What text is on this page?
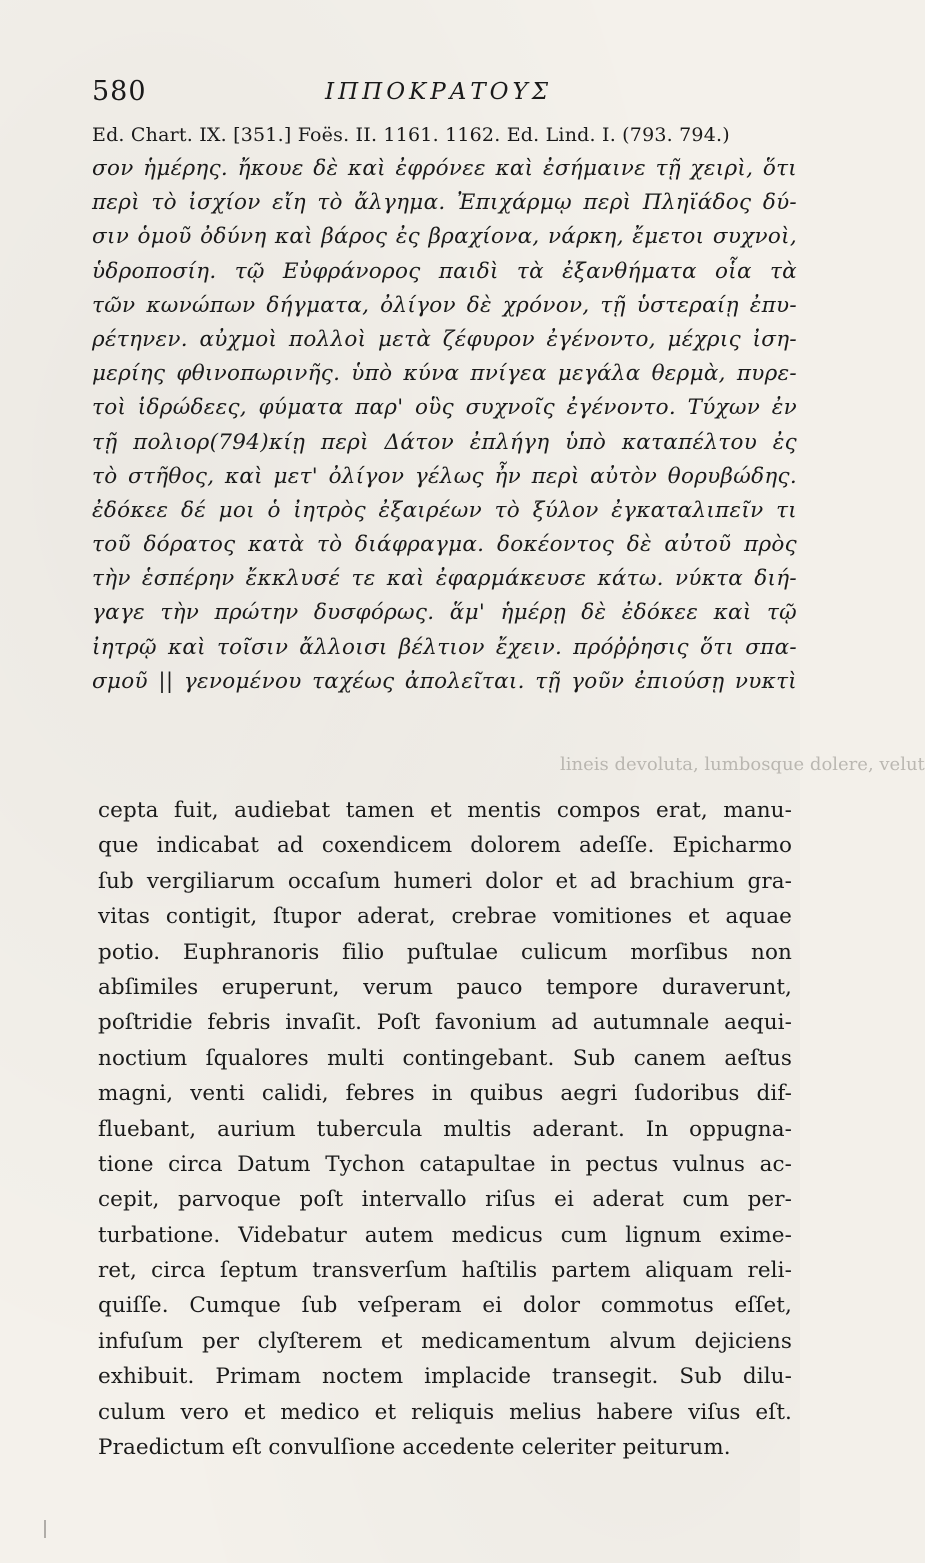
580	ΙΠΠΟΚΡΑΤΟΥΣ
Ed. Chart. IX. [351.] Foës. II. 1161. 1162. Ed. Lind. I. (793. 794.)
σον ἡμέρης. ἤκουε δὲ καὶ ἐφρόνεε καὶ ἐσήμαινε τῇ χειρὶ, ὅτι
περὶ τὸ ἰσχίον εἴη τὸ ἄλγημα. Ἐπιχάρμῳ περὶ Πληϊάδος δύ-
σιν ὁμοῦ ὀδύνη καὶ βάρος ἐς βραχίονα, νάρκη, ἔμετοι συχνοὶ,
ὑδροποσίη. τῷ Εὐφράνορος παιδὶ τὰ ἐξανθήματα οἷα τὰ
τῶν κωνώπων δήγματα, ὀλίγον δὲ χρόνον, τῇ ὑστεραίῃ ἐπυ-
ρέτηνεν. αὐχμοὶ πολλοὶ μετὰ ζέφυρον ἐγένοντο, μέχρις ἰση-
μερίης φθινοπωρινῆς. ὑπὸ κύνα πνίγεα μεγάλα θερμὰ, πυρε-
τοὶ ἱδρώδεες, φύματα παρ' οὓς συχνοῖς ἐγένοντο. Τύχων ἐν
τῇ πολιορ(794)κίῃ περὶ Δάτον ἐπλήγη ὑπὸ καταπέλτου ἐς
τὸ στῆθος, καὶ μετ' ὀλίγον γέλως ἦν περὶ αὐτὸν θορυβώδης.
ἐδόκεε δέ μοι ὁ ἰητρὸς ἐξαιρέων τὸ ξύλον ἐγκαταλιπεῖν τι
τοῦ δόρατος κατὰ τὸ διάφραγμα. δοκέοντος δὲ αὐτοῦ πρὸς
τὴν ἑσπέρην ἔκκλυσέ τε καὶ ἐφαρμάκευσε κάτω. νύκτα διή-
γαγε τὴν πρώτην δυσφόρως. ἅμ' ἡμέρῃ δὲ ἐδόκεε καὶ τῷ
ἰητρῷ καὶ τοῖσιν ἄλλοισι βέλτιον ἔχειν. πρόῤῥησις ὅτι σπα-
σμοῦ || γενομένου ταχέως ἀπολεῖται. τῇ γοῦν ἐπιούσῃ νυκτὶ
lineis devoluta, lumbosque dolere, velut
cepta fuit, audiebat tamen et mentis compos erat, manu-
que indicabat ad coxendicem dolorem adeſſe. Epicharmo
ſub vergiliarum occaſum humeri dolor et ad brachium gra-
vitas contigit, ſtupor aderat, crebrae vomitiones et aquae
potio. Euphranoris filio puſtulae culicum morſibus non
abſimiles eruperunt, verum pauco tempore duraverunt,
poſtridie febris invaſit. Poſt favonium ad autumnale aequi-
noctium ſqualores multi contingebant. Sub canem aeſtus
magni, venti calidi, febres in quibus aegri ſudoribus dif-
fluebant, aurium tubercula multis aderant. In oppugna-
tione circa Datum Tychon catapultae in pectus vulnus ac-
cepit, parvoque poſt intervallo riſus ei aderat cum per-
turbatione. Videbatur autem medicus cum lignum exime-
ret, circa ſeptum transverſum haſtilis partem aliquam reli-
quiſſe. Cumque ſub veſperam ei dolor commotus eſſet,
infuſum per clyſterem et medicamentum alvum dejiciens
exhibuit. Primam noctem implacide transegit. Sub dilu-
culum vero et medico et reliquis melius habere viſus eſt.
Praedictum eſt convulſione accedente celeriter peiturum.
